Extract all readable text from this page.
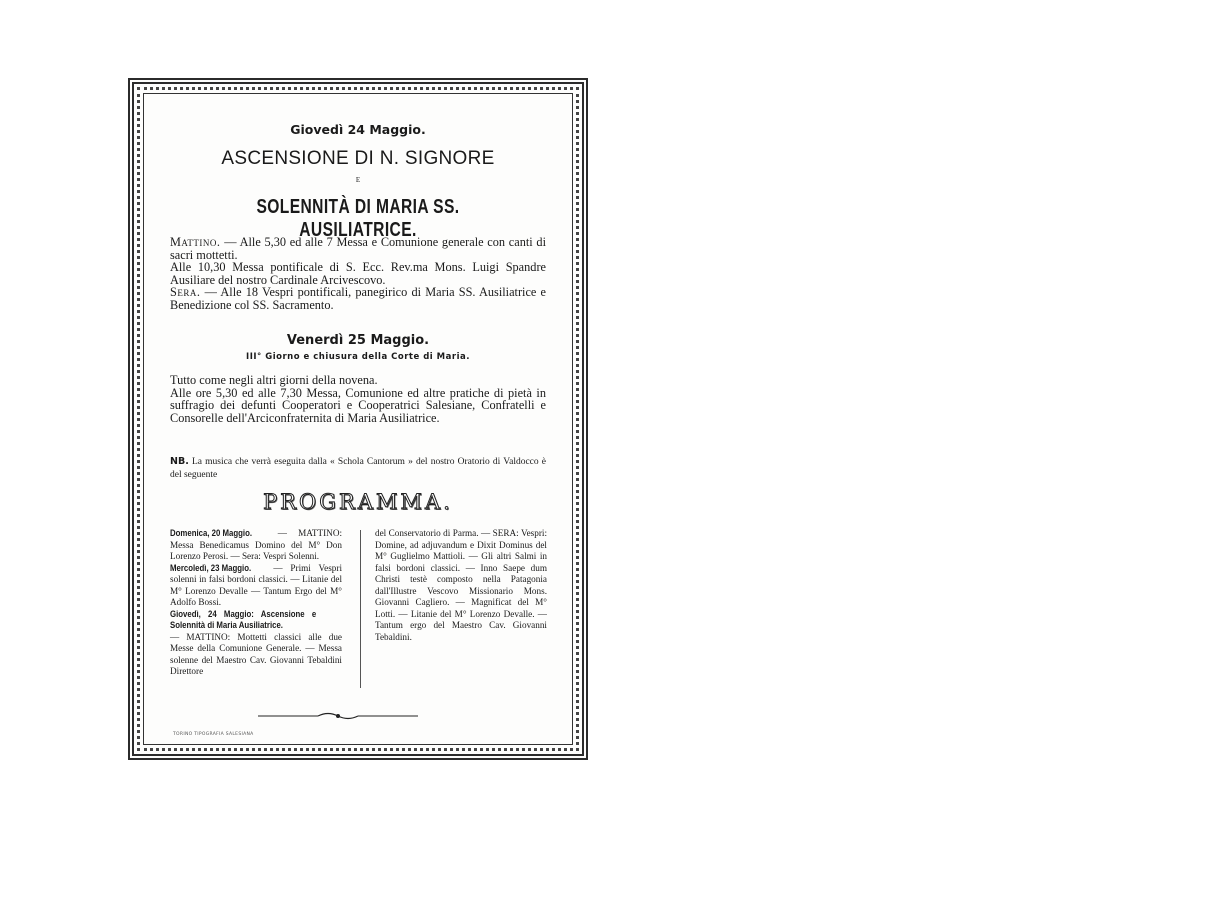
Giovedì 24 Maggio.
ASCENSIONE DI N. SIGNORE
E
SOLENNITÀ DI MARIA SS. AUSILIATRICE.
Mattino. — Alle 5,30 ed alle 7 Messa e Comunione generale con canti di sacri mottetti.
Alle 10,30 Messa pontificale di S. Ecc. Rev.ma Mons. Luigi Spandre Ausiliare del nostro Cardinale Arcivescovo.
Sera. — Alle 18 Vespri pontificali, panegirico di Maria SS. Ausiliatrice e Benedizione col SS. Sacramento.
Venerdì 25 Maggio.
III° Giorno e chiusura della Corte di Maria.
Tutto come negli altri giorni della novena.
Alle ore 5,30 ed alle 7,30 Messa, Comunione ed altre pratiche di pietà in suffragio dei defunti Cooperatori e Cooperatrici Salesiane, Confratelli e Consorelle dell'Arciconfraternita di Maria Ausiliatrice.
NB. La musica che verrà eseguita dalla « Schola Cantorum » del nostro Oratorio di Valdocco è del seguente
PROGRAMMA.

Domenica, 20 Maggio.	— MATTINO: Messa Benedicamus Domino del M° Don Lorenzo Perosi. — Sera: Vespri Solenni.

Mercoledì, 23 Maggio. — Primi Vespri solenni in falsi bordoni classici. — Litanie del M° Lorenzo Devalle — Tantum Ergo del M° Adolfo Bossi.

Giovedì, 24 Maggio: Ascensione e Solennità di Maria Ausiliatrice. — MATTINO: Mottetti classici alle due Messe della Comunione Generale. — Messa solenne del Maestro Cav. Giovanni Tebaldini Direttore

del Conservatorio di Parma. — SERA: Vespri: Domine, ad adjuvandum e Dixit Dominus del M° Guglielmo Mattioli. — Gli altri Salmi in falsi bordoni classici. — Inno Saepe dum Christi testè composto nella Patagonia dall'Illustre Vescovo Missionario Mons. Giovanni Cagliero. — Magnificat del M° Lotti. — Litanie del M° Lorenzo Devalle. — Tantum ergo del Maestro Cav. Giovanni Tebaldini.

TORINO TIPOGRAFIA SALESIANA
